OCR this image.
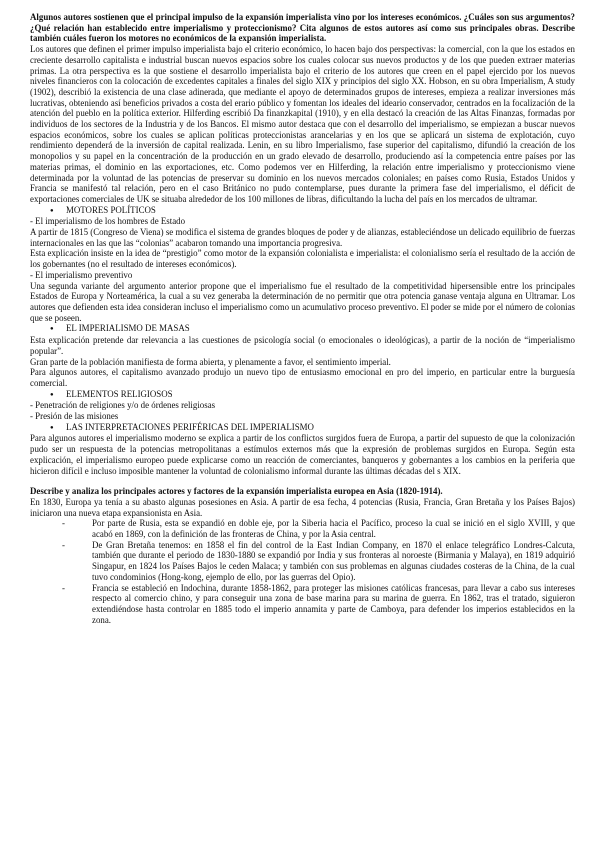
Algunos autores sostienen que el principal impulso de la expansión imperialista vino por los intereses económicos. ¿Cuáles son sus argumentos? ¿Qué relación han establecido entre imperialismo y proteccionismo? Cita algunos de estos autores así como sus principales obras. Describe también cuáles fueron los motores no económicos de la expansión imperialista.

Los autores que definen el primer impulso imperialista bajo el criterio económico, lo hacen bajo dos perspectivas: la comercial, con la que los estados en creciente desarrollo capitalista e industrial buscan nuevos espacios sobre los cuales colocar sus nuevos productos y de los que pueden extraer materias primas. La otra perspectiva es la que sostiene el desarrollo imperialista bajo el criterio de los autores que creen en el papel ejercido por los nuevos niveles financieros con la colocación de excedentes capitales a finales del siglo XIX y principios del siglo XX. Hobson, en su obra Imperialism, A study (1902), describió la existencia de una clase adinerada, que mediante el apoyo de determinados grupos de intereses, empieza a realizar inversiones más lucrativas, obteniendo así beneficios privados a costa del erario público y fomentan los ideales del ideario conservador, centrados en la focalización de la atención del pueblo en la política exterior. Hilferding escribió Da finanzkapital (1910), y en ella destacó la creación de las Altas Finanzas, formadas por individuos de los sectores de la Industria y de los Bancos. El mismo autor destaca que con el desarrollo del imperialismo, se empiezan a buscar nuevos espacios económicos, sobre los cuales se aplican políticas proteccionistas arancelarias y en los que se aplicará un sistema de explotación, cuyo rendimiento dependerá de la inversión de capital realizada. Lenin, en su libro Imperialismo, fase superior del capitalismo, difundió la creación de los monopolios y su papel en la concentración de la producción en un grado elevado de desarrollo, produciendo así la competencia entre países por las materias primas, el dominio en las exportaciones, etc. Como podemos ver en Hilferding, la relación entre imperialismo y proteccionismo viene determinada por la voluntad de las potencias de preservar su dominio en los nuevos mercados coloniales; en países como Rusia, Estados Unidos y Francia se manifestó tal relación, pero en el caso Británico no pudo contemplarse, pues durante la primera fase del imperialismo, el déficit de exportaciones comerciales de UK se situaba alrededor de los 100 millones de libras, dificultando la lucha del país en los mercados de ultramar.

● MOTORES POLÍTICOS

- El imperialismo de los hombres de Estado

A partir de 1815 (Congreso de Viena) se modifica el sistema de grandes bloques de poder y de alianzas, estableciéndose un delicado equilibrio de fuerzas internacionales en las que las “colonias” acabaron tomando una importancia progresiva.

Esta explicación insiste en la idea de “prestigio” como motor de la expansión colonialista e imperialista: el colonialismo sería el resultado de la acción de los gobernantes (no el resultado de intereses económicos).

- El imperialismo preventivo

Una segunda variante del argumento anterior propone que el imperialismo fue el resultado de la competitividad hipersensible entre los principales Estados de Europa y Norteamérica, la cual a su vez generaba la determinación de no permitir que otra potencia ganase ventaja alguna en Ultramar. Los autores que defienden esta idea consideran incluso el imperialismo como un acumulativo proceso preventivo. El poder se mide por el número de colonias que se poseen.

● EL IMPERIALISMO DE MASAS

Esta explicación pretende dar relevancia a las cuestiones de psicología social (o emocionales o ideológicas), a partir de la noción de “imperialismo popular”.

Gran parte de la población manifiesta de forma abierta, y plenamente a favor, el sentimiento imperial.

Para algunos autores, el capitalismo avanzado produjo un nuevo tipo de entusiasmo emocional en pro del imperio, en particular entre la burguesía comercial.

● ELEMENTOS RELIGIOSOS

- Penetración de religiones y/o de órdenes religiosas

- Presión de las misiones

● LAS INTERPRETACIONES PERIFÉRICAS DEL IMPERIALISMO

Para algunos autores el imperialismo moderno se explica a partir de los conflictos surgidos fuera de Europa, a partir del supuesto de que la colonización pudo ser un respuesta de la potencias metropolitanas a estímulos externos más que la expresión de problemas surgidos en Europa. Según esta explicación, el imperialismo europeo puede explicarse como un reacción de comerciantes, banqueros y gobernantes a los cambios en la periferia que hicieron difícil e incluso imposible mantener la voluntad de colonialismo informal durante las últimas décadas del s XIX.

Describe y analiza los principales actores y factores de la expansión imperialista europea en Asia (1820-1914).

En 1830, Europa ya tenía a su abasto algunas posesiones en Asia. A partir de esa fecha, 4 potencias (Rusia, Francia, Gran Bretaña y los Países Bajos) iniciaron una nueva etapa expansionista en Asia.

- Por parte de Rusia, esta se expandió en doble eje, por la Siberia hacia el Pacífico, proceso la cual se inició en el siglo XVIII, y que acabó en 1869, con la definición de las fronteras de China, y por la Asia central.
- De Gran Bretaña tenemos: en 1858 el fin del control de la East Indian Company, en 1870 el enlace telegráfico Londres-Calcuta, también que durante el periodo de 1830-1880 se expandió por India y sus fronteras al noroeste (Birmania y Malaya), en 1819 adquirió Singapur, en 1824 los Países Bajos le ceden Malaca; y también con sus problemas en algunas ciudades costeras de la China, de la cual tuvo condominios (Hong-kong, ejemplo de ello, por las guerras del Opio).
- Francia se estableció en Indochina, durante 1858-1862, para proteger las misiones católicas francesas, para llevar a cabo sus intereses respecto al comercio chino, y para conseguir una zona de base marina para su marina de guerra. En 1862, tras el tratado, siguieron extendiéndose hasta controlar en 1885 todo el imperio annamita y parte de Camboya, para defender los imperios establecidos en la zona.
